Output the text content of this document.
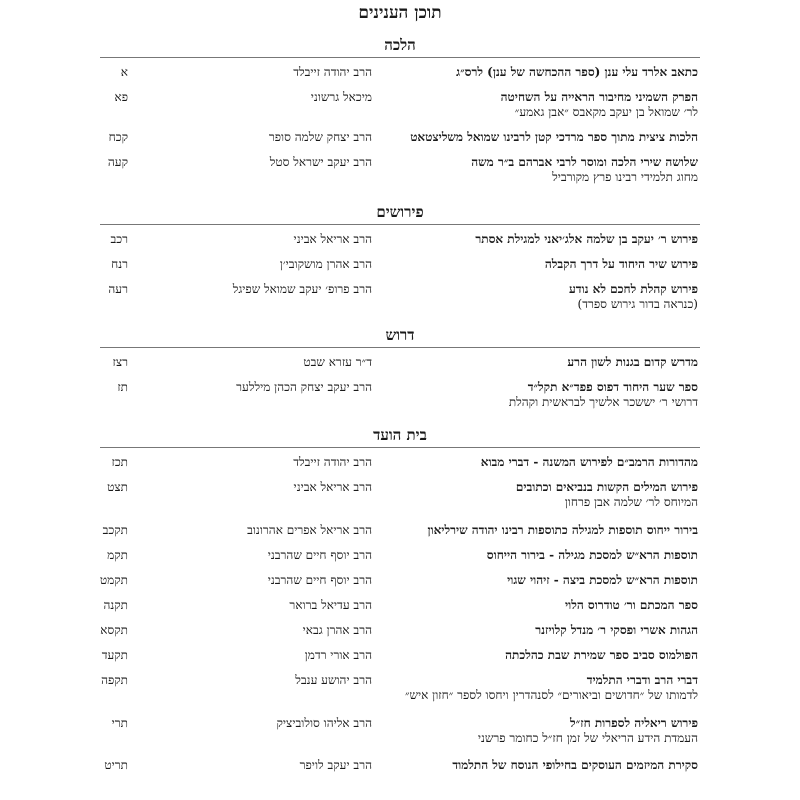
תוכן הענינים
הלכה
כתאב אלרד עלי ענן (ספר ההכחשה של ענן) לרס״ג
הרב יהודה זייבלד
א
הפרק השמיני מחיבור הראייה על השחיטה
לר׳ שמואל בן יעקב מקאבס ״אבן גאמע״
מיכאל גרשוני
פא
הלכות ציצית מתוך ספר מרדכי קטן לרבינו שמואל משליצטאט
הרב יצחק שלמה סופר
קכח
שלושה שירי הלכה ומוסר לרבי אברהם ב״ר משה
מחוג תלמידי רבינו פרץ מקורביל
הרב יעקב ישראל סטל
קעה
פירושים
פירוש ר׳ יעקב בן שלמה אלג׳יאני למגילת אסתר
הרב אריאל אביני
רכב
פירוש שיר היחוד על דרך הקבלה
הרב אהרן מושקובי׳ן
רנח
פירוש קהלת לחכם לא נודע
(כנראה בדור גירוש ספרד)
הרב פרופ׳ יעקב שמואל שפיגל
רעה
דרוש
מדרש קדום בגנות לשון הרע
ד״ר עזרא שבט
רצז
ספר שער היחוד דפוס פפד״א תקל״ד
דרושי ר׳ יששכר אלשיך לבראשית וקהלת
הרב יעקב יצחק הכהן מיללער
תז
בית הועד
מהדורות הרמב״ם לפירוש המשנה - דברי מבוא
הרב יהודה זייבלד
תכז
פירוש המילים הקשות בנביאים וכתובים
המיוחס לר׳ שלמה אבן פרחון
הרב אריאל אביני
תצט
בירור ייחוס תוספות למגילה כתוספות רבינו יהודה שירליאון
הרב אריאל אפרים אהרונוב
תקכב
תוספות הרא״ש למסכת מגילה - בירור הייחוס
הרב יוסף חיים שהרבני
תקמ
תוספות הרא״ש למסכת ביצה - זיהוי שגוי
הרב יוסף חיים שהרבני
תקמט
ספר המכתם ור׳ טודרוס הלוי
הרב עדיאל ברואר
תקנה
הגהות אשרי ופסקי ר׳ מנדל קלויזנר
הרב אהרן גבאי
תקסא
הפולמוס סביב ספר שמירת שבת כהלכתה
הרב אורי רדמן
תקעד
דברי הרב ודברי התלמיד
לדמותו של ״חדושים וביאורים״ לסנהדרין ויחסו לספר ״חזון איש״
הרב יהושע ענבל
תקפה
פירוש ריאליה לספרות חז״ל
העמדת הידע הריאלי של זמן חז״ל כחומר פרשני
הרב אליהו סולוביציק
תרי
סקירת המיזמים העוסקים בחילופי הנוסח של התלמוד
הרב יעקב לויפר
תריט
